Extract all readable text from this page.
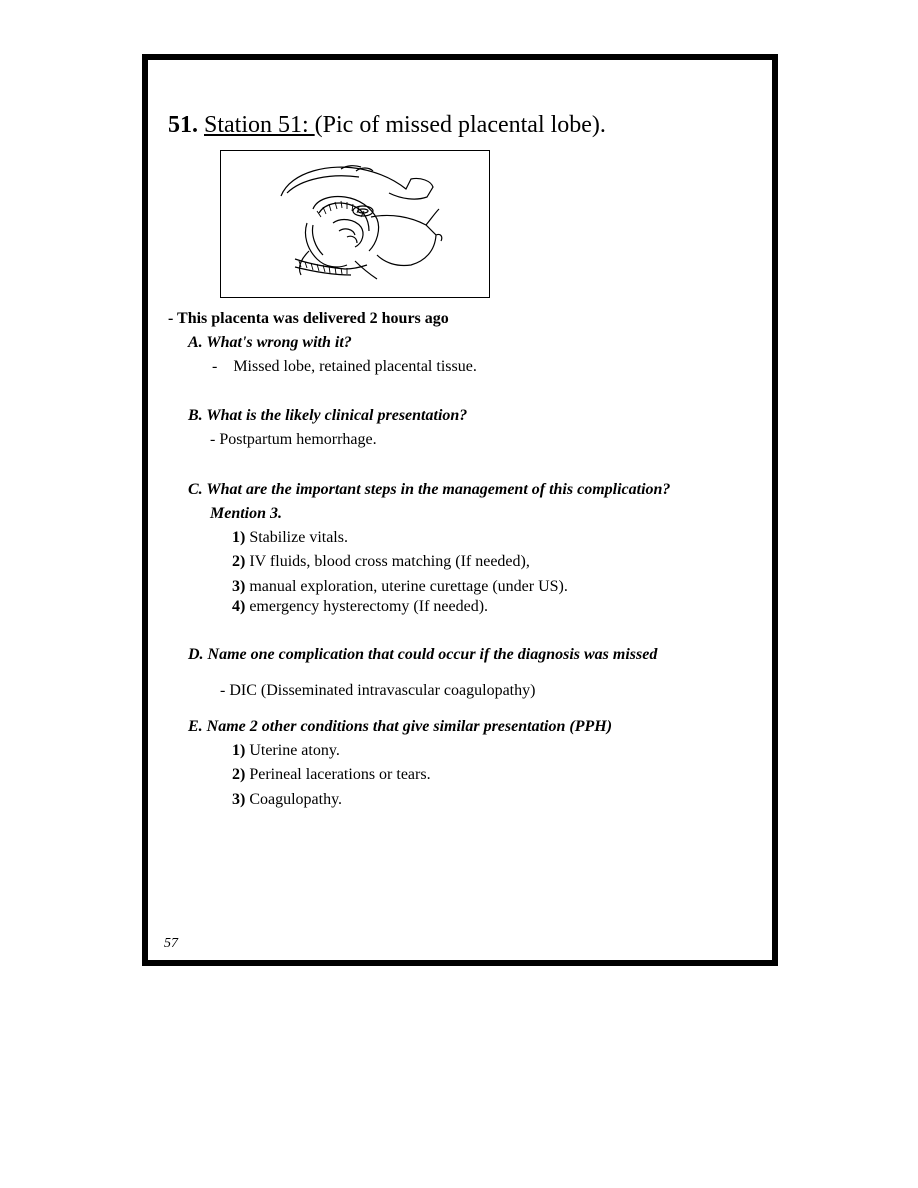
51. Station 51: (Pic of missed placental lobe).
- This placenta was delivered 2 hours ago
A. What's wrong with it?
- Missed lobe, retained placental tissue.
B. What is the likely clinical presentation?
- Postpartum hemorrhage.
C. What are the important steps in the management of this complication?
Mention 3.
1) Stabilize vitals.
2) IV fluids, blood cross matching (If needed),
3) manual exploration, uterine curettage (under US).
4) emergency hysterectomy (If needed).
D. Name one complication that could occur if the diagnosis was missed
- DIC (Disseminated intravascular coagulopathy)
E. Name 2 other conditions that give similar presentation (PPH)
1) Uterine atony.
2) Perineal lacerations or tears.
3) Coagulopathy.
57
